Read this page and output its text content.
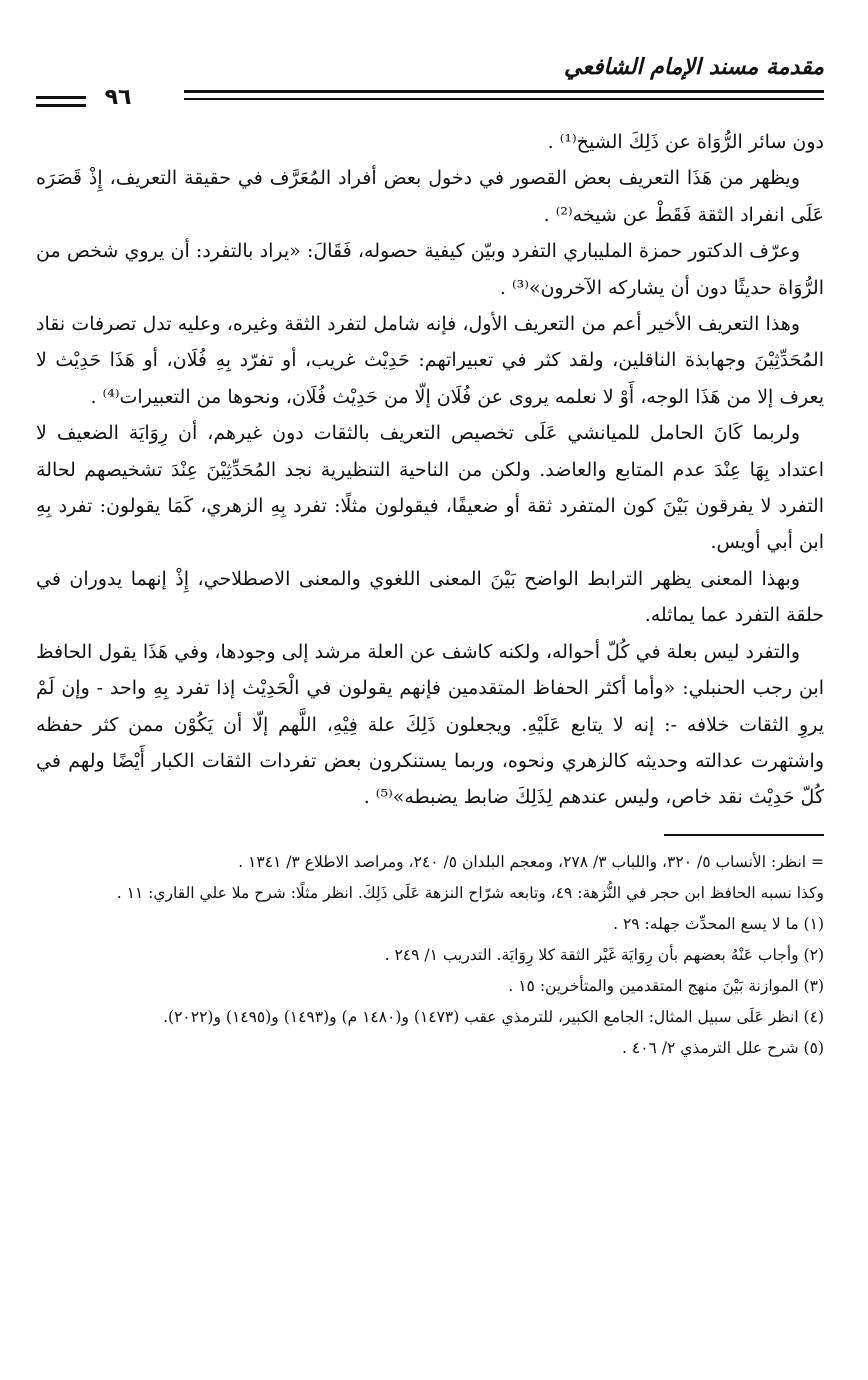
مقدمة مسند الإمام الشافعي
٩٦

دون سائر الرُّوَاة عن ذَلِكَ الشيخ⁽¹⁾ .

ويظهر من هَذَا التعريف بعض القصور في دخول بعض أفراد المُعَرَّف في حقيقة التعريف، إِذْ قَصَرَه عَلَى انفراد الثقة فَقَطْ عن شيخه⁽²⁾ .

وعرّف الدكتور حمزة المليباري التفرد وبيّن كيفية حصوله، فَقَالَ: «يراد بالتفرد: أن يروي شخص من الرُّوَاة حديثًا دون أن يشاركه الآخرون»⁽³⁾ .

وهذا التعريف الأخير أعم من التعريف الأول، فإنه شامل لتفرد الثقة وغيره، وعليه تدل تصرفات نقاد المُحَدِّثِيْنَ وجهابذة الناقلين، ولقد كثر في تعبيراتهم: حَدِيْث غريب، أو تفرّد بِهِ فُلَان، أو هَذَا حَدِيْث لا يعرف إلا من هَذَا الوجه، أَوْ لا نعلمه يروى عن فُلَان إلّا من حَدِيْث فُلَان، ونحوها من التعبيرات⁽⁴⁾ .

ولربما كَانَ الحامل للميانشي عَلَى تخصيص التعريف بالثقات دون غيرهم، أن رِوَايَة الضعيف لا اعتداد بِهَا عِنْدَ عدم المتابع والعاضد. ولكن من الناحية التنظيرية نجد المُحَدِّثِيْنَ عِنْدَ تشخيصهم لحالة التفرد لا يفرقون بَيْنَ كون المتفرد ثقة أو ضعيفًا، فيقولون مثلًا: تفرد بِهِ الزهري، كَمَا يقولون: تفرد بِهِ ابن أبي أويس.

وبهذا المعنى يظهر الترابط الواضح بَيْنَ المعنى اللغوي والمعنى الاصطلاحي، إِذْ إنهما يدوران في حلقة التفرد عما يماثله.

والتفرد ليس بعلة في كُلّ أحواله، ولكنه كاشف عن العلة مرشد إلى وجودها، وفي هَذَا يقول الحافظ ابن رجب الحنبلي: «وأما أكثر الحفاظ المتقدمين فإنهم يقولون في الْحَدِيْث إذا تفرد بِهِ واحد - وإن لَمْ يروِ الثقات خلافه -: إنه لا يتابع عَلَيْهِ. ويجعلون ذَلِكَ علة فِيْهِ، اللَّهم إلّا أن يَكُوْن ممن كثر حفظه واشتهرت عدالته وحديثه كالزهري ونحوه، وربما يستنكرون بعض تفردات الثقات الكبار أَيْضًا ولهم في كُلّ حَدِيْث نقد خاص، وليس عندهم لِذَلِكَ ضابط يضبطه»⁽⁵⁾ .

= انظر: الأنساب ٥/ ٣٢٠، واللباب ٣/ ٢٧٨، ومعجم البلدان ٥/ ٢٤٠، ومراصد الاطلاع ٣/ ١٣٤١ .

وكذا نسبه الحافظ ابن حجر في النُّزهة: ٤٩، وتابعه شرّاح النزهة عَلَى ذَلِكَ. انظر مثلًا: شرح ملا علي القاري: ١١ .

(١) ما لا يسع المحدِّث جهله: ٢٩ .

(٢) وأجاب عَنْهُ بعضهم بأن رِوَايَة غَيْر الثقة كلا رِوَايَة. التدريب ١/ ٢٤٩ .

(٣) الموازنة بَيْنَ منهج المتقدمين والمتأخرين: ١٥ .

(٤) انظر عَلَى سبيل المثال: الجامع الكبير، للترمذي عقب (١٤٧٣) و(١٤٨٠ م) و(١٤٩٣) و(١٤٩٥) و(٢٠٢٢).

(٥) شرح علل الترمذي ٢/ ٤٠٦ .
